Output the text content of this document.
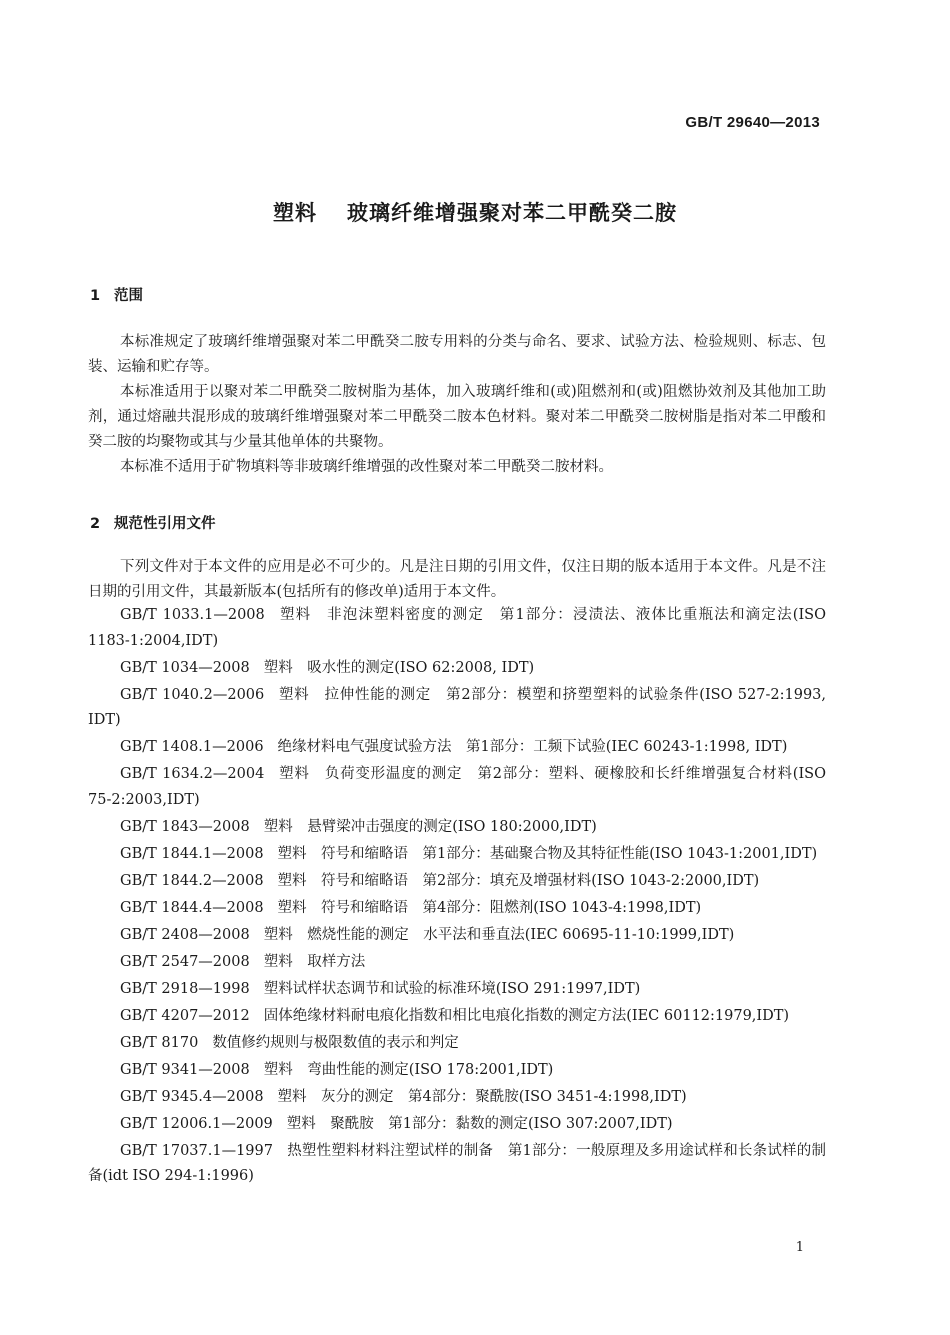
GB/T 29640—2013
塑料 玻璃纤维增强聚对苯二甲酰癸二胺
1 范围
本标准规定了玻璃纤维增强聚对苯二甲酰癸二胺专用料的分类与命名、要求、试验方法、检验规则、标志、包装、运输和贮存等。
本标准适用于以聚对苯二甲酰癸二胺树脂为基体，加入玻璃纤维和(或)阻燃剂和(或)阻燃协效剂及其他加工助剂，通过熔融共混形成的玻璃纤维增强聚对苯二甲酰癸二胺本色材料。聚对苯二甲酰癸二胺树脂是指对苯二甲酸和癸二胺的均聚物或其与少量其他单体的共聚物。
本标准不适用于矿物填料等非玻璃纤维增强的改性聚对苯二甲酰癸二胺材料。
2 规范性引用文件
下列文件对于本文件的应用是必不可少的。凡是注日期的引用文件，仅注日期的版本适用于本文件。凡是不注日期的引用文件，其最新版本(包括所有的修改单)适用于本文件。
GB/T 1033.1—2008 塑料　非泡沫塑料密度的测定　第1部分：浸渍法、液体比重瓶法和滴定法(ISO 1183-1:2004,IDT)
GB/T 1034—2008 塑料　吸水性的测定(ISO 62:2008, IDT)
GB/T 1040.2—2006 塑料　拉伸性能的测定　第2部分：模塑和挤塑塑料的试验条件(ISO 527-2:1993, IDT)
GB/T 1408.1—2006 绝缘材料电气强度试验方法　第1部分：工频下试验(IEC 60243-1:1998, IDT)
GB/T 1634.2—2004 塑料　负荷变形温度的测定　第2部分：塑料、硬橡胶和长纤维增强复合材料(ISO 75-2:2003,IDT)
GB/T 1843—2008 塑料　悬臂梁冲击强度的测定(ISO 180:2000,IDT)
GB/T 1844.1—2008 塑料　符号和缩略语　第1部分：基础聚合物及其特征性能(ISO 1043-1:2001,IDT)
GB/T 1844.2—2008 塑料　符号和缩略语　第2部分：填充及增强材料(ISO 1043-2:2000,IDT)
GB/T 1844.4—2008 塑料　符号和缩略语　第4部分：阻燃剂(ISO 1043-4:1998,IDT)
GB/T 2408—2008 塑料　燃烧性能的测定　水平法和垂直法(IEC 60695-11-10:1999,IDT)
GB/T 2547—2008 塑料　取样方法
GB/T 2918—1998 塑料试样状态调节和试验的标准环境(ISO 291:1997,IDT)
GB/T 4207—2012 固体绝缘材料耐电痕化指数和相比电痕化指数的测定方法(IEC 60112:1979,IDT)
GB/T 8170 数值修约规则与极限数值的表示和判定
GB/T 9341—2008 塑料　弯曲性能的测定(ISO 178:2001,IDT)
GB/T 9345.4—2008 塑料　灰分的测定　第4部分：聚酰胺(ISO 3451-4:1998,IDT)
GB/T 12006.1—2009 塑料　聚酰胺　第1部分：黏数的测定(ISO 307:2007,IDT)
GB/T 17037.1—1997 热塑性塑料材料注塑试样的制备　第1部分：一般原理及多用途试样和长条试样的制备(idt ISO 294-1:1996)
1
